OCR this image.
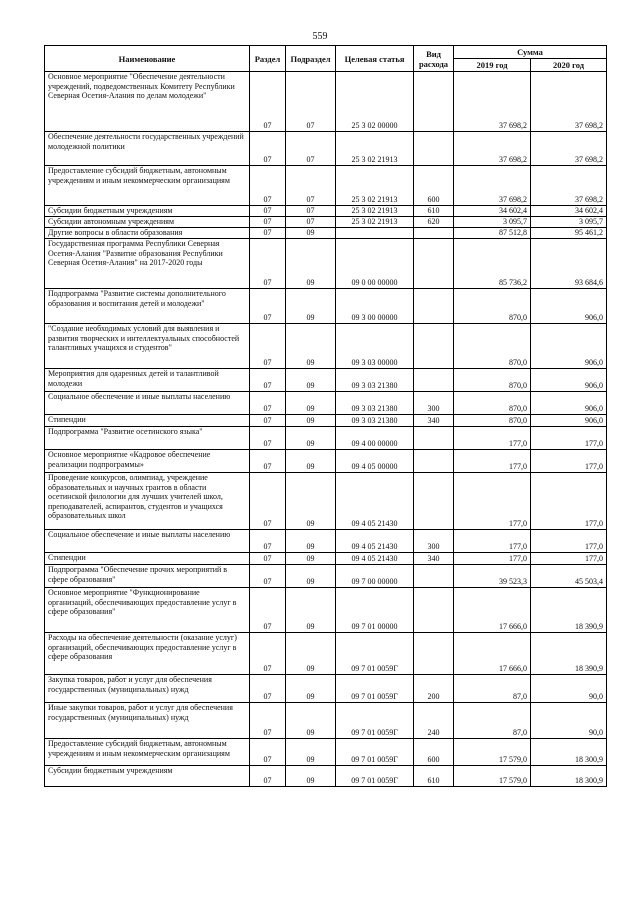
559
Наименование	Раздел	Подраздел	Целевая статья	Вид расхода	Сумма	
					2019 год	2020 год
Основное мероприятие "Обеспечение деятельности учреждений, подведомственных Комитету Республики Северная Осетия-Алания по делам молодежи"	07	07	25 3 02 00000		37 698,2	37 698,2
Обеспечение деятельности государственных учреждений молодежной политики	07	07	25 3 02 21913		37 698,2	37 698,2
Предоставление субсидий бюджетным, автономным учреждениям и иным некоммерческим организациям	07	07	25 3 02 21913	600	37 698,2	37 698,2
Субсидии бюджетным учреждениям	07	07	25 3 02 21913	610	34 602,4	34 602,4
Субсидии автономным учреждениям	07	07	25 3 02 21913	620	3 095,7	3 095,7
Другие вопросы в области образования	07	09			87 512,8	95 461,2
Государственная программа Республики Северная Осетия-Алания "Развитие образования Республики Северная Осетия-Алания" на 2017-2020 годы	07	09	09 0 00 00000		85 736,2	93 684,6
Подпрограмма "Развитие системы дополнительного образования и воспитания детей и молодежи"	07	09	09 3 00 00000		870,0	906,0
"Создание необходимых условий для выявления и развития творческих и интеллектуальных способностей талантливых учащихся и студентов"	07	09	09 3 03 00000		870,0	906,0
Мероприятия для одаренных детей и талантливой молодежи	07	09	09 3 03 21380		870,0	906,0
Социальное обеспечение и иные выплаты населению	07	09	09 3 03 21380	300	870,0	906,0
Стипендии	07	09	09 3 03 21380	340	870,0	906,0
Подпрограмма "Развитие осетинского языка"	07	09	09 4 00 00000		177,0	177,0
Основное мероприятие «Кадровое обеспечение реализации подпрограммы»	07	09	09 4 05 00000		177,0	177,0
Проведение конкурсов, олимпиад, учреждение образовательных и научных грантов в области осетинской филологии для лучших учителей школ, преподавателей, аспирантов, студентов и учащихся образовательных школ	07	09	09 4 05 21430		177,0	177,0
Социальное обеспечение и иные выплаты населению	07	09	09 4 05 21430	300	177,0	177,0
Стипендии	07	09	09 4 05 21430	340	177,0	177,0
Подпрограмма "Обеспечение прочих мероприятий в сфере образования"	07	09	09 7 00 00000		39 523,3	45 503,4
Основное мероприятие "Функционирование организаций, обеспечивающих предоставление услуг в сфере образования"	07	09	09 7 01 00000		17 666,0	18 390,9
Расходы на обеспечение деятельности (оказание услуг) организаций, обеспечивающих предоставление услуг в сфере образования	07	09	09 7 01 0059Г		17 666,0	18 390,9
Закупка товаров, работ и услуг для обеспечения государственных (муниципальных) нужд	07	09	09 7 01 0059Г	200	87,0	90,0
Иные закупки товаров, работ и услуг для обеспечения государственных (муниципальных) нужд	07	09	09 7 01 0059Г	240	87,0	90,0
Предоставление субсидий бюджетным, автономным учреждениям и иным некоммерческим организациям	07	09	09 7 01 0059Г	600	17 579,0	18 300,9
Субсидии бюджетным учреждениям	07	09	09 7 01 0059Г	610	17 579,0	18 300,9
